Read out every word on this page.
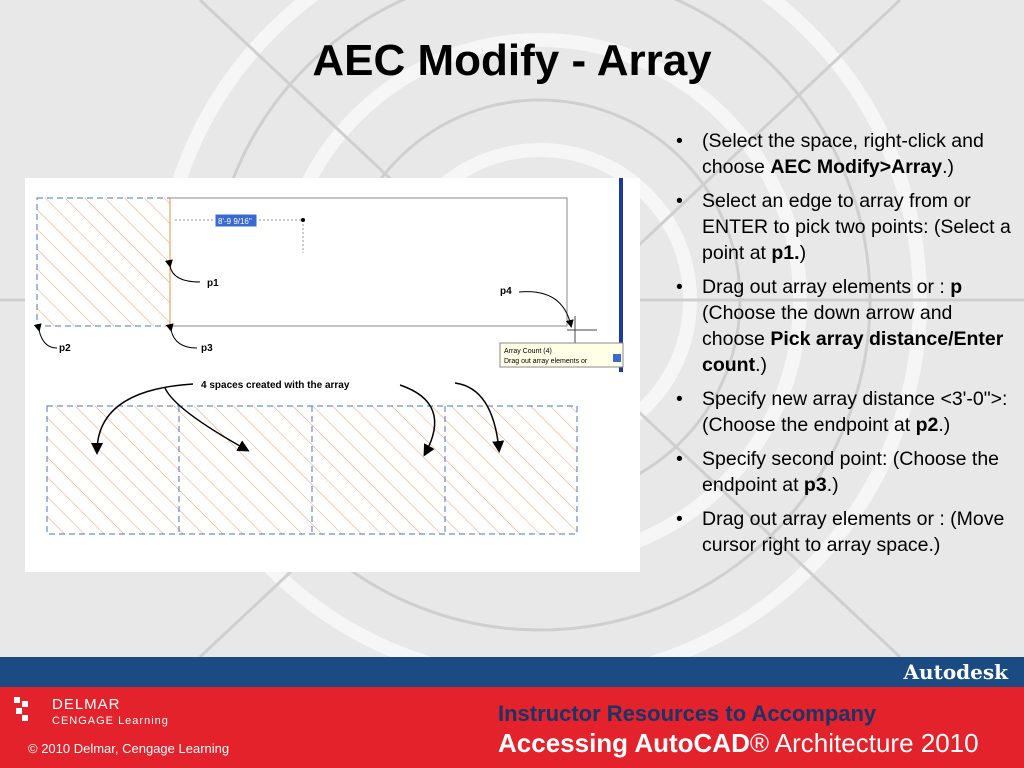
AEC Modify - Array
8'-9 9/16"
Array Count (4)
Drag out array elements or
p1
p2	p3
p4
4 spaces created with the array
• (Select the space, right-click and choose AEC Modify>Array.)
• Select an edge to array from or ENTER to pick two points: (Select a point at p1.)
• Drag out array elements or : p (Choose the down arrow and choose Pick array distance/Enter count.)
• Specify new array distance <3'-0">: (Choose the endpoint at p2.)
• Specify second point: (Choose the endpoint at p3.)
• Drag out array elements or : (Move cursor right to array space.)
Autodesk
DELMAR
CENGAGE Learning
© 2010 Delmar, Cengage Learning
Instructor Resources to Accompany
Accessing AutoCAD® Architecture 2010
